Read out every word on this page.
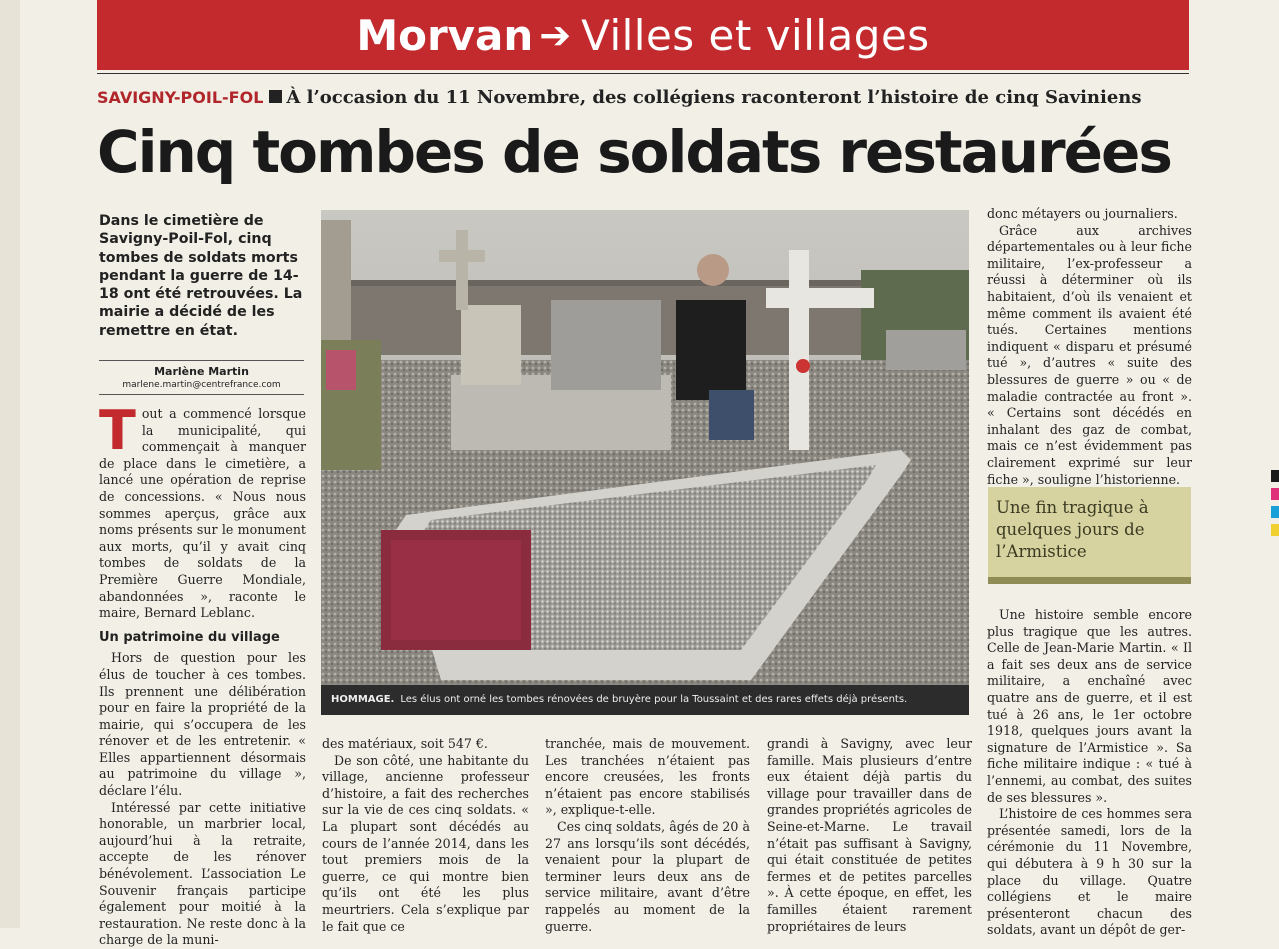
Morvan ➔ Villes et villages
SAVIGNY-POIL-FOL À l’occasion du 11 Novembre, des collégiens raconteront l’histoire de cinq Saviniens
Cinq tombes de soldats restaurées
Dans le cimetière de Savigny-Poil-Fol, cinq tombes de soldats morts pendant la guerre de 14-18 ont été retrouvées. La mairie a décidé de les remettre en état.
Marlène Martin
marlene.martin@centrefrance.com

Tout a commencé lorsque la municipalité, qui commençait à manquer de place dans le cimetière, a lancé une opération de reprise de concessions. « Nous nous sommes aperçus, grâce aux noms présents sur le monument aux morts, qu’il y avait cinq tombes de soldats de la Première Guerre Mondiale, abandonnées », raconte le maire, Bernard Leblanc.

Un patrimoine du village

Hors de question pour les élus de toucher à ces tombes. Ils prennent une délibération pour en faire la propriété de la mairie, qui s’occupera de les rénover et de les entretenir. « Elles appartiennent désormais au patrimoine du village », déclare l’élu.

Intéressé par cette initiative honorable, un marbrier local, aujourd’hui à la retraite, accepte de les rénover bénévolement. L’association Le Souvenir français participe également pour moitié à la restauration. Ne reste donc à la charge de la muni-

HOMMAGE. Les élus ont orné les tombes rénovées de bruyère pour la Toussaint et des rares effets déjà présents.

des matériaux, soit 547 €.

De son côté, une habitante du village, ancienne professeur d’histoire, a fait des recherches sur la vie de ces cinq soldats. « La plupart sont décédés au cours de l’année 2014, dans les tout premiers mois de la guerre, ce qui montre bien qu’ils ont été les plus meurtriers. Cela s’explique par le fait que ce

tranchée, mais de mouvement. Les tranchées n’étaient pas encore creusées, les fronts n’étaient pas encore stabilisés », explique-t-elle.

Ces cinq soldats, âgés de 20 à 27 ans lorsqu’ils sont décédés, venaient pour la plupart de terminer leurs deux ans de service militaire, avant d’être rappelés au moment de la guerre.

grandi à Savigny, avec leur famille. Mais plusieurs d’entre eux étaient déjà partis du village pour travailler dans de grandes propriétés agricoles de Seine-et-Marne. Le travail n’était pas suffisant à Savigny, qui était constituée de petites fermes et de petites parcelles ». À cette époque, en effet, les familles étaient rarement propriétaires de leurs

donc métayers ou journaliers.

Grâce aux archives départementales ou à leur fiche militaire, l’ex-professeur a réussi à déterminer où ils habitaient, d’où ils venaient et même comment ils avaient été tués. Certaines mentions indiquent « disparu et présumé tué », d’autres « suite des blessures de guerre » ou « de maladie contractée au front ». « Certains sont décédés en inhalant des gaz de combat, mais ce n’est évidemment pas clairement exprimé sur leur fiche », souligne l’historienne.

Une fin tragique à quelques jours de l’Armistice

Une histoire semble encore plus tragique que les autres. Celle de Jean-Marie Martin. « Il a fait ses deux ans de service militaire, a enchaîné avec quatre ans de guerre, et il est tué à 26 ans, le 1er octobre 1918, quelques jours avant la signature de l’Armistice ». Sa fiche militaire indique : « tué à l’ennemi, au combat, des suites de ses blessures ».

L’histoire de ces hommes sera présentée samedi, lors de la cérémonie du 11 Novembre, qui débutera à 9 h 30 sur la place du village. Quatre collégiens et le maire présenteront chacun des soldats, avant un dépôt de ger-
